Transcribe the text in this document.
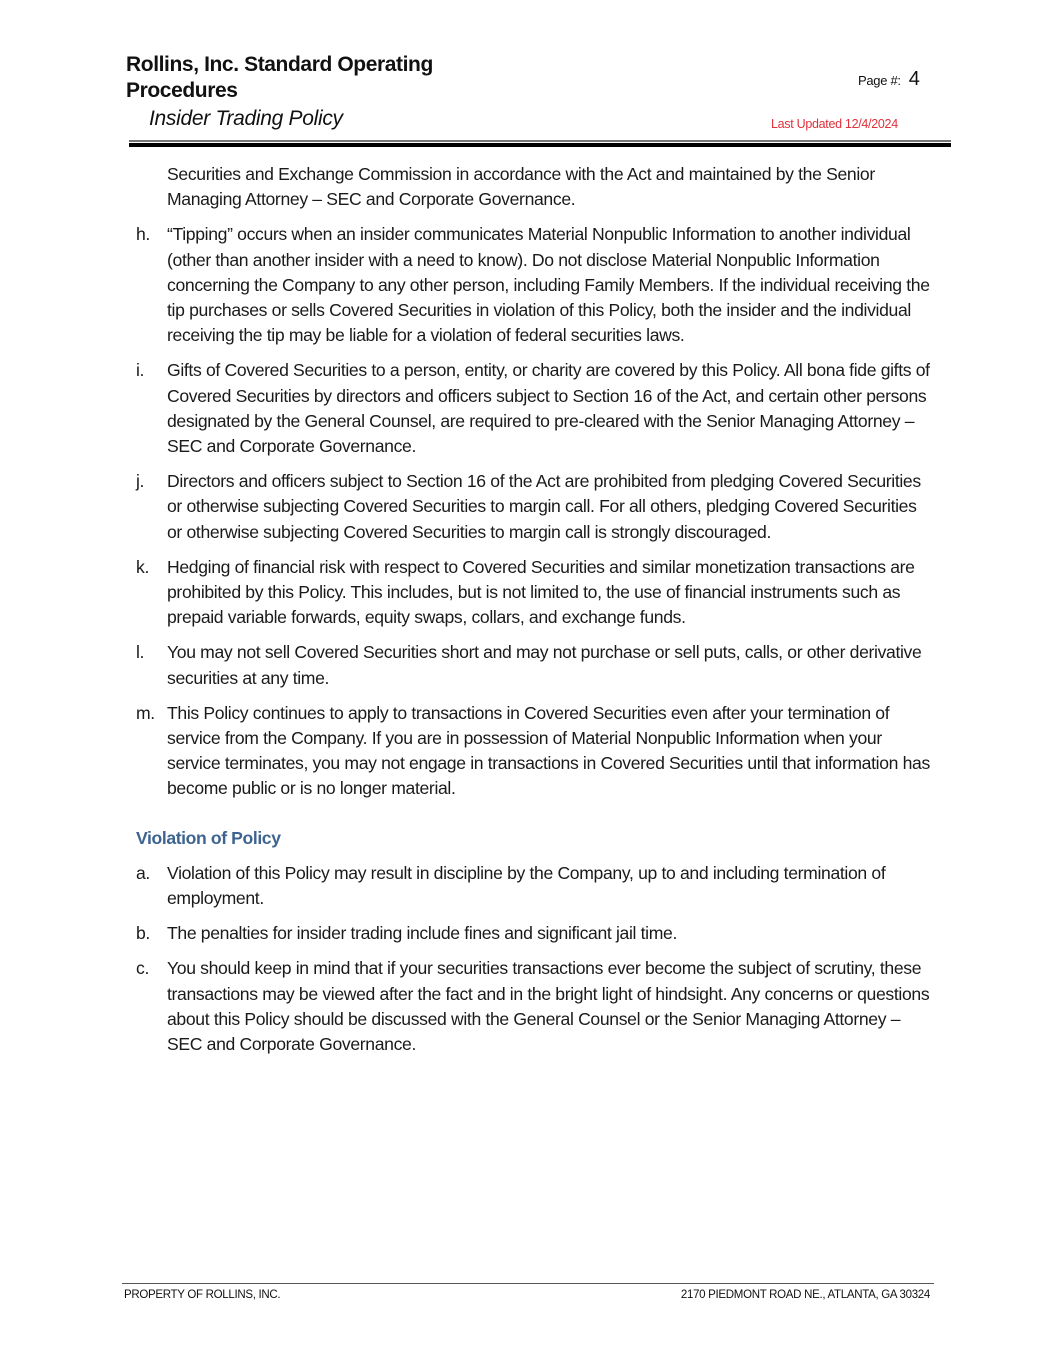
Rollins, Inc. Standard Operating Procedures
Insider Trading Policy
Page #: 4
Last Updated 12/4/2024

Securities and Exchange Commission in accordance with the Act and maintained by the Senior Managing Attorney – SEC and Corporate Governance.

h. “Tipping” occurs when an insider communicates Material Nonpublic Information to another individual (other than another insider with a need to know). Do not disclose Material Nonpublic Information concerning the Company to any other person, including Family Members. If the individual receiving the tip purchases or sells Covered Securities in violation of this Policy, both the insider and the individual receiving the tip may be liable for a violation of federal securities laws.
i.	Gifts of Covered Securities to a person, entity, or charity are covered by this Policy. All bona fide gifts of Covered Securities by directors and officers subject to Section 16 of the Act, and certain other persons designated by the General Counsel, are required to pre-cleared with the Senior Managing Attorney – SEC and Corporate Governance.
j.	Directors and officers subject to Section 16 of the Act are prohibited from pledging Covered Securities or otherwise subjecting Covered Securities to margin call. For all others, pledging Covered Securities or otherwise subjecting Covered Securities to margin call is strongly discouraged.
k.	Hedging of financial risk with respect to Covered Securities and similar monetization transactions are prohibited by this Policy. This includes, but is not limited to, the use of financial instruments such as prepaid variable forwards, equity swaps, collars, and exchange funds.
l.	You may not sell Covered Securities short and may not purchase or sell puts, calls, or other derivative securities at any time.
m. This Policy continues to apply to transactions in Covered Securities even after your termination of service from the Company. If you are in possession of Material Nonpublic Information when your service terminates, you may not engage in transactions in Covered Securities until that information has become public or is no longer material.
Violation of Policy
a. Violation of this Policy may result in discipline by the Company, up to and including termination of employment.
b. The penalties for insider trading include fines and significant jail time.
c.	You should keep in mind that if your securities transactions ever become the subject of scrutiny, these transactions may be viewed after the fact and in the bright light of hindsight. Any concerns or questions about this Policy should be discussed with the General Counsel or the Senior Managing Attorney – SEC and Corporate Governance.
PROPERTY OF ROLLINS, INC.	2170 PIEDMONT ROAD NE., ATLANTA, GA 30324
